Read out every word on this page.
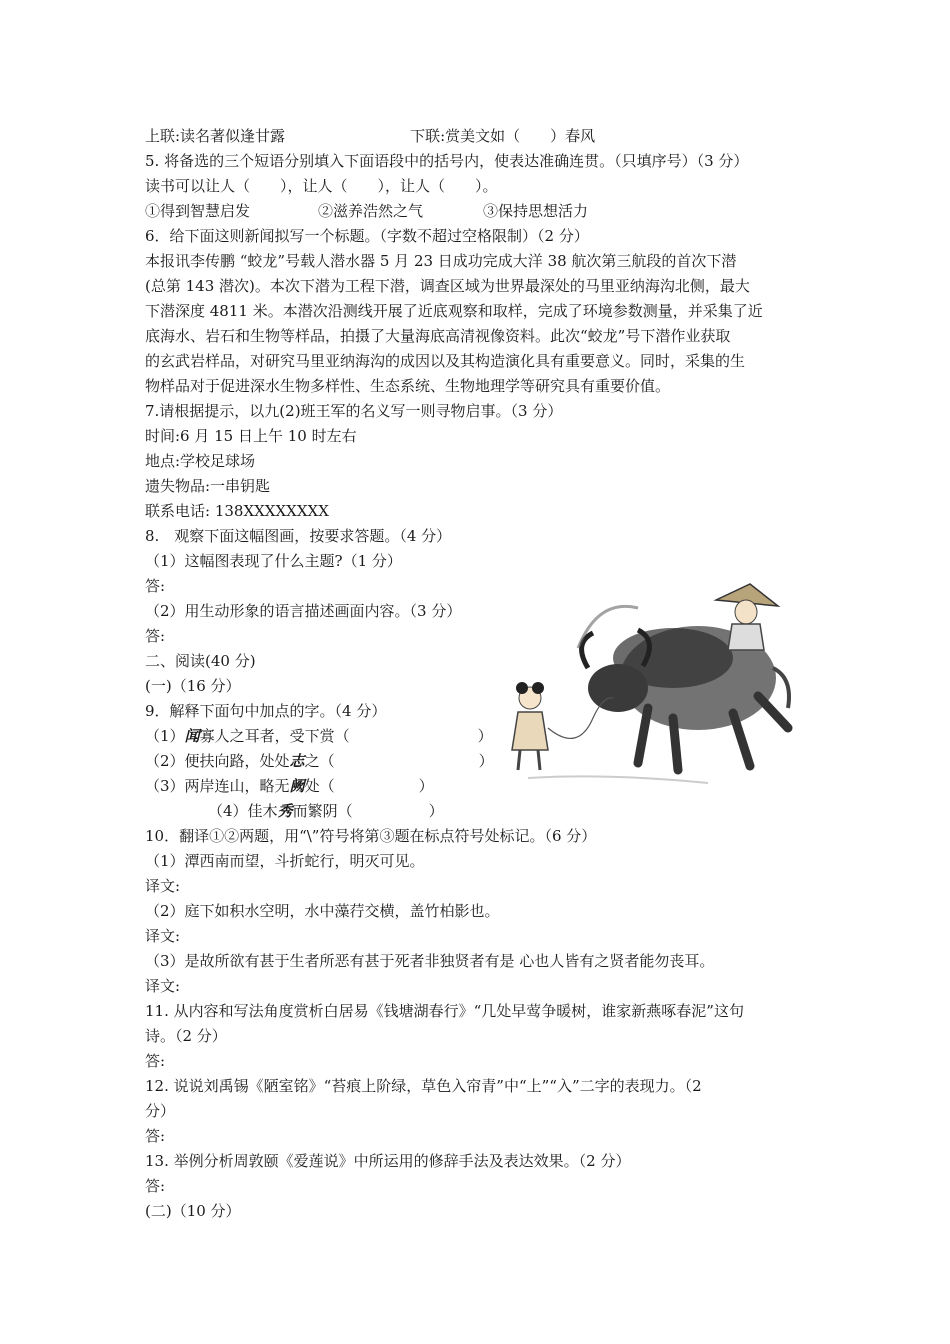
上联:读名著似逢甘露	下联:赏美文如（　　）春风
5. 将备选的三个短语分别填入下面语段中的括号内，使表达准确连贯。（只填序号）（3 分）
读书可以让人（　　），让人（　　），让人（　　）。
①得到智慧启发	②滋养浩然之气	③保持思想活力
6．给下面这则新闻拟写一个标题。（字数不超过空格限制）（2 分）
本报讯李传鹏 “蛟龙”号载人潜水器 5 月 23 日成功完成大洋 38 航次第三航段的首次下潜
(总第 143 潜次)。本次下潜为工程下潜，调查区域为世界最深处的马里亚纳海沟北侧，最大
下潜深度 4811 米。本潜次沿测线开展了近底观察和取样，完成了环境参数测量，并采集了近
底海水、岩石和生物等样品，拍摄了大量海底高清视像资料。此次“蛟龙”号下潜作业获取
的玄武岩样品，对研究马里亚纳海沟的成因以及其构造演化具有重要意义。同时，采集的生
物样品对于促进深水生物多样性、生态系统、生物地理学等研究具有重要价值。
7.请根据提示，以九(2)班王军的名义写一则寻物启事。（3 分）
时间:6 月 15 日上午 10 时左右
地点:学校足球场
遗失物品:一串钥匙
联系电话: 138XXXXXXXX
8.　观察下面这幅图画，按要求答题。（4 分）
（1）这幅图表现了什么主题?（1 分）
答:
（2）用生动形象的语言描述画面内容。（3 分）
答:
二、阅读(40 分)
(一)（16 分）
9．解释下面句中加点的字。（4 分）
（1）闻寡人之耳者，受下赏（	）
（2）便扶向路，处处志之（	）
（3）两岸连山，略无阙处（	）
（4）佳木秀而繁阴（	）
10．翻译①②两题，用“\”符号将第③题在标点符号处标记。（6 分）
（1）潭西南而望，斗折蛇行，明灭可见。
译文:
（2）庭下如积水空明，水中藻荇交横，盖竹柏影也。
译文:
（3）是故所欲有甚于生者所恶有甚于死者非独贤者有是 心也人皆有之贤者能勿丧耳。
译文:
11. 从内容和写法角度赏析白居易《钱塘湖春行》“几处早莺争暖树，谁家新燕啄春泥”这句
诗。（2 分）
答:
12. 说说刘禹锡《陋室铭》“苔痕上阶绿，草色入帘青”中“上”“入”二字的表现力。（2
分）
答:
13. 举例分析周敦颐《爱莲说》中所运用的修辞手法及表达效果。（2 分）
答:
(二)（10 分）
